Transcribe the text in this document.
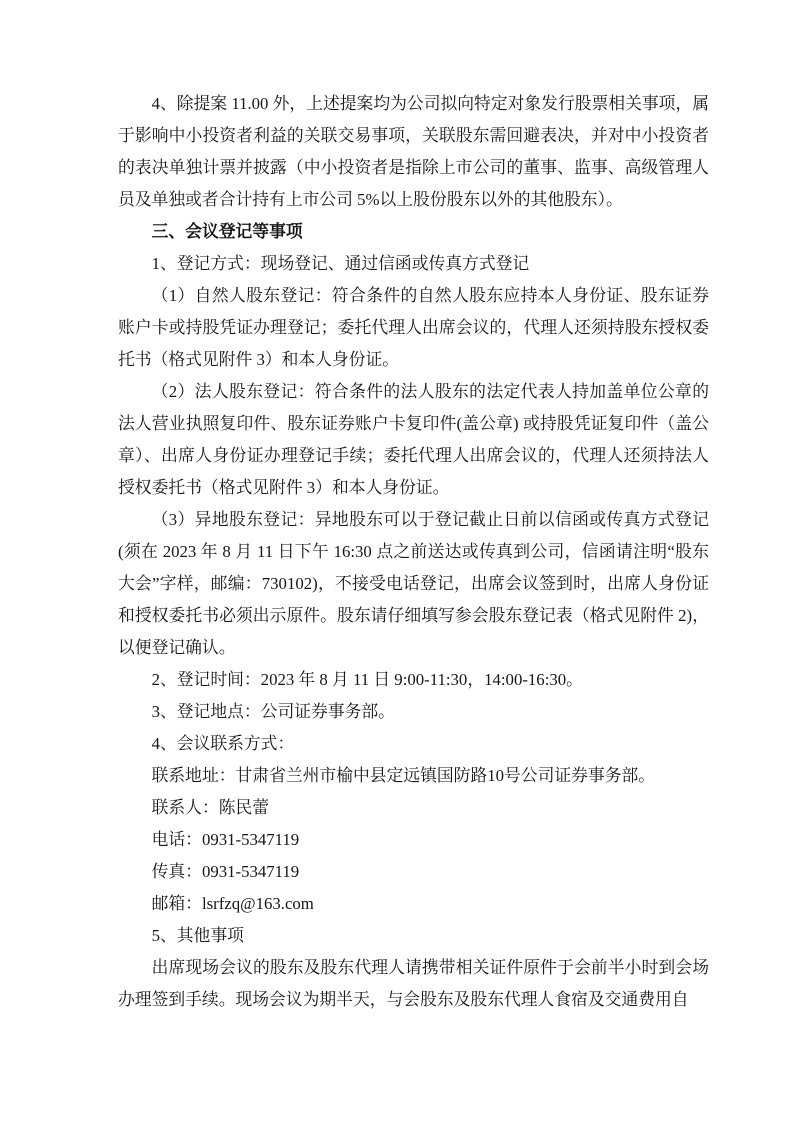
4、除提案 11.00 外，上述提案均为公司拟向特定对象发行股票相关事项，属于影响中小投资者利益的关联交易事项，关联股东需回避表决，并对中小投资者的表决单独计票并披露（中小投资者是指除上市公司的董事、监事、高级管理人员及单独或者合计持有上市公司 5%以上股份股东以外的其他股东）。

三、会议登记等事项

1、登记方式：现场登记、通过信函或传真方式登记

（1）自然人股东登记：符合条件的自然人股东应持本人身份证、股东证券账户卡或持股凭证办理登记；委托代理人出席会议的，代理人还须持股东授权委托书（格式见附件 3）和本人身份证。

（2）法人股东登记：符合条件的法人股东的法定代表人持加盖单位公章的法人营业执照复印件、股东证券账户卡复印件(盖公章) 或持股凭证复印件（盖公章）、出席人身份证办理登记手续；委托代理人出席会议的，代理人还须持法人授权委托书（格式见附件 3）和本人身份证。

（3）异地股东登记：异地股东可以于登记截止日前以信函或传真方式登记(须在 2023 年 8 月 11 日下午 16:30 点之前送达或传真到公司，信函请注明“股东大会”字样，邮编：730102)，不接受电话登记，出席会议签到时，出席人身份证和授权委托书必须出示原件。股东请仔细填写参会股东登记表（格式见附件 2)，以便登记确认。

2、登记时间：2023 年 8 月 11 日 9:00-11:30，14:00-16:30。

3、登记地点：公司证券事务部。

4、会议联系方式：

联系地址：甘肃省兰州市榆中县定远镇国防路10号公司证券事务部。

联系人：陈民蕾

电话：0931-5347119

传真：0931-5347119

邮箱：lsrfzq@163.com

5、其他事项

出席现场会议的股东及股东代理人请携带相关证件原件于会前半小时到会场办理签到手续。现场会议为期半天，与会股东及股东代理人食宿及交通费用自
